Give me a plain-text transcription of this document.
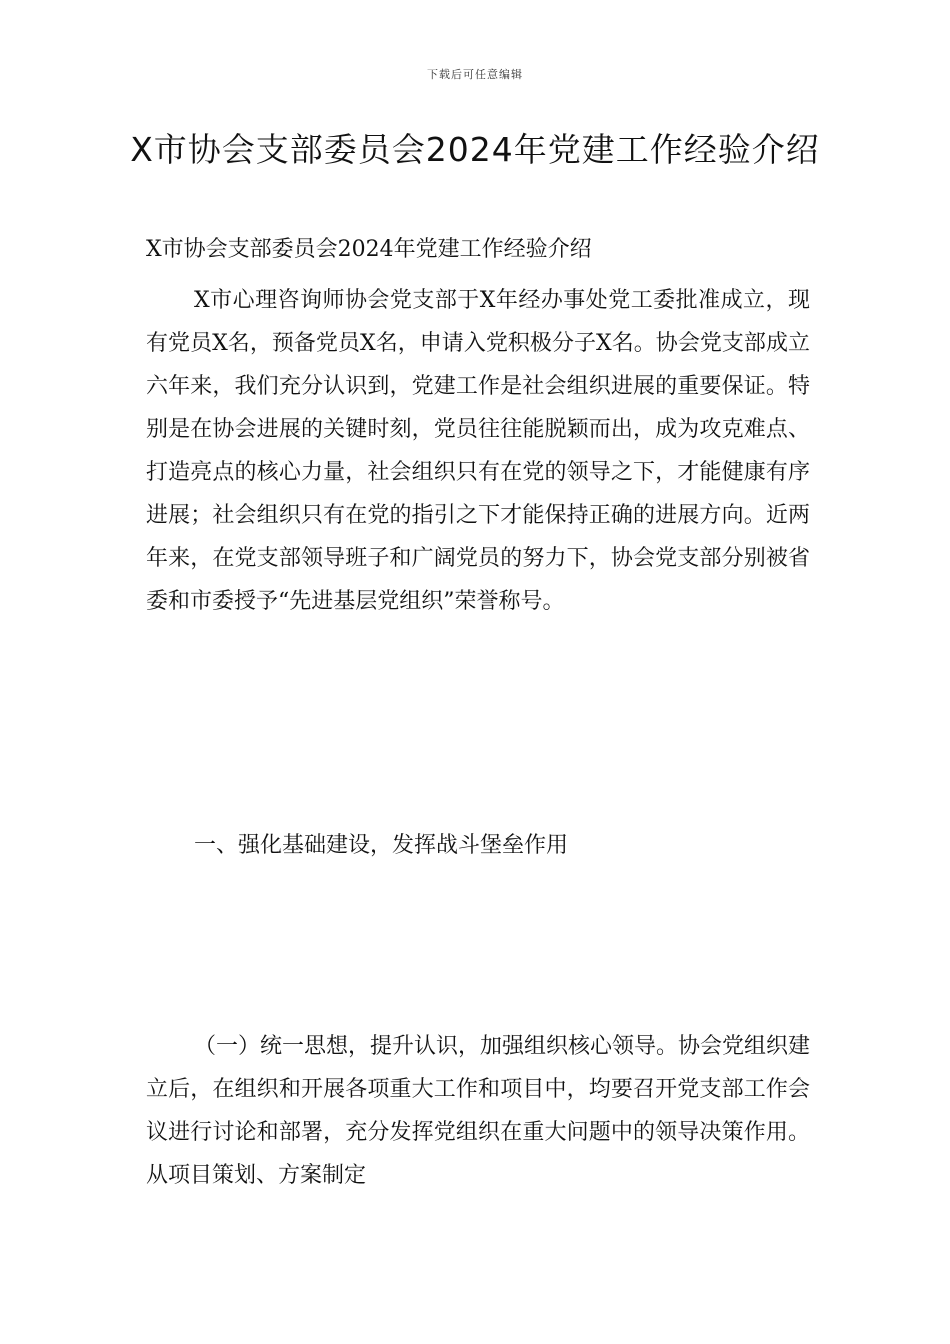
下载后可任意编辑
X市协会支部委员会2024年党建工作经验介绍
X市协会支部委员会2024年党建工作经验介绍

X市心理咨询师协会党支部于X年经办事处党工委批准成立，现有党员X名，预备党员X名，申请入党积极分子X名。协会党支部成立六年来，我们充分认识到，党建工作是社会组织进展的重要保证。特别是在协会进展的关键时刻，党员往往能脱颖而出，成为攻克难点、打造亮点的核心力量，社会组织只有在党的领导之下，才能健康有序进展；社会组织只有在党的指引之下才能保持正确的进展方向。近两年来，在党支部领导班子和广阔党员的努力下，协会党支部分别被省委和市委授予“先进基层党组织”荣誉称号。

一、强化基础建设，发挥战斗堡垒作用

（一）统一思想，提升认识，加强组织核心领导。协会党组织建立后，在组织和开展各项重大工作和项目中，均要召开党支部工作会议进行讨论和部署，充分发挥党组织在重大问题中的领导决策作用。从项目策划、方案制定
